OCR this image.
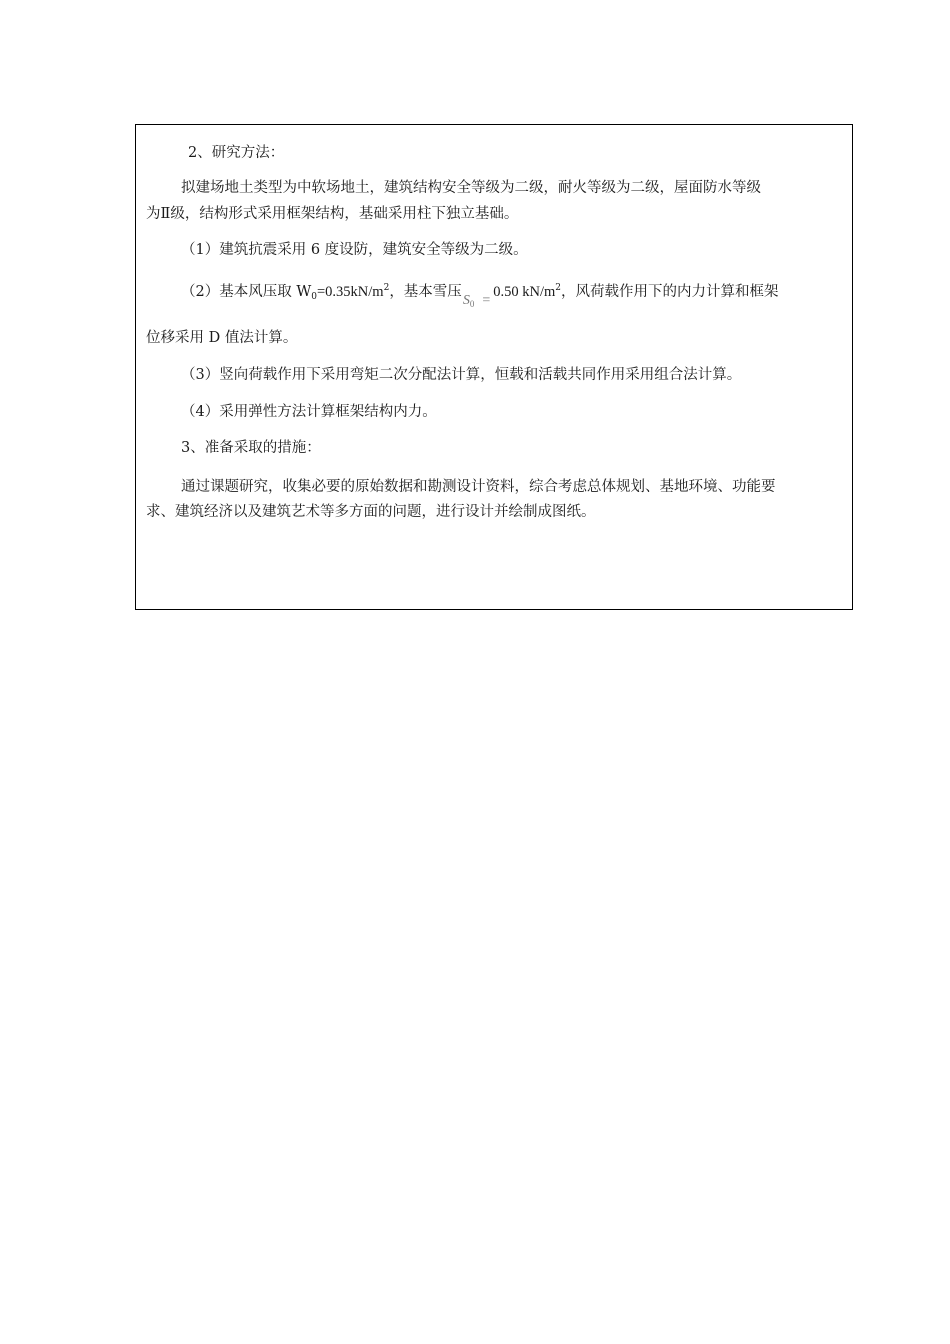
2、研究方法：
拟建场地土类型为中软场地土，建筑结构安全等级为二级，耐火等级为二级，屋面防水等级
为Ⅱ级，结构形式采用框架结构，基础采用柱下独立基础。
（1）建筑抗震采用 6 度设防，建筑安全等级为二级。
（2）基本风压取 $W_0=0.35kN/m^2$，基本雪压$S_0 =0.50$ $kN/m^2$，风荷载作用下的内力计算和框架
位移采用 D 值法计算。
（3）竖向荷载作用下采用弯矩二次分配法计算，恒载和活载共同作用采用组合法计算。
（4）采用弹性方法计算框架结构内力。
3、准备采取的措施：
通过课题研究，收集必要的原始数据和勘测设计资料，综合考虑总体规划、基地环境、功能要
求、建筑经济以及建筑艺术等多方面的问题，进行设计并绘制成图纸。
